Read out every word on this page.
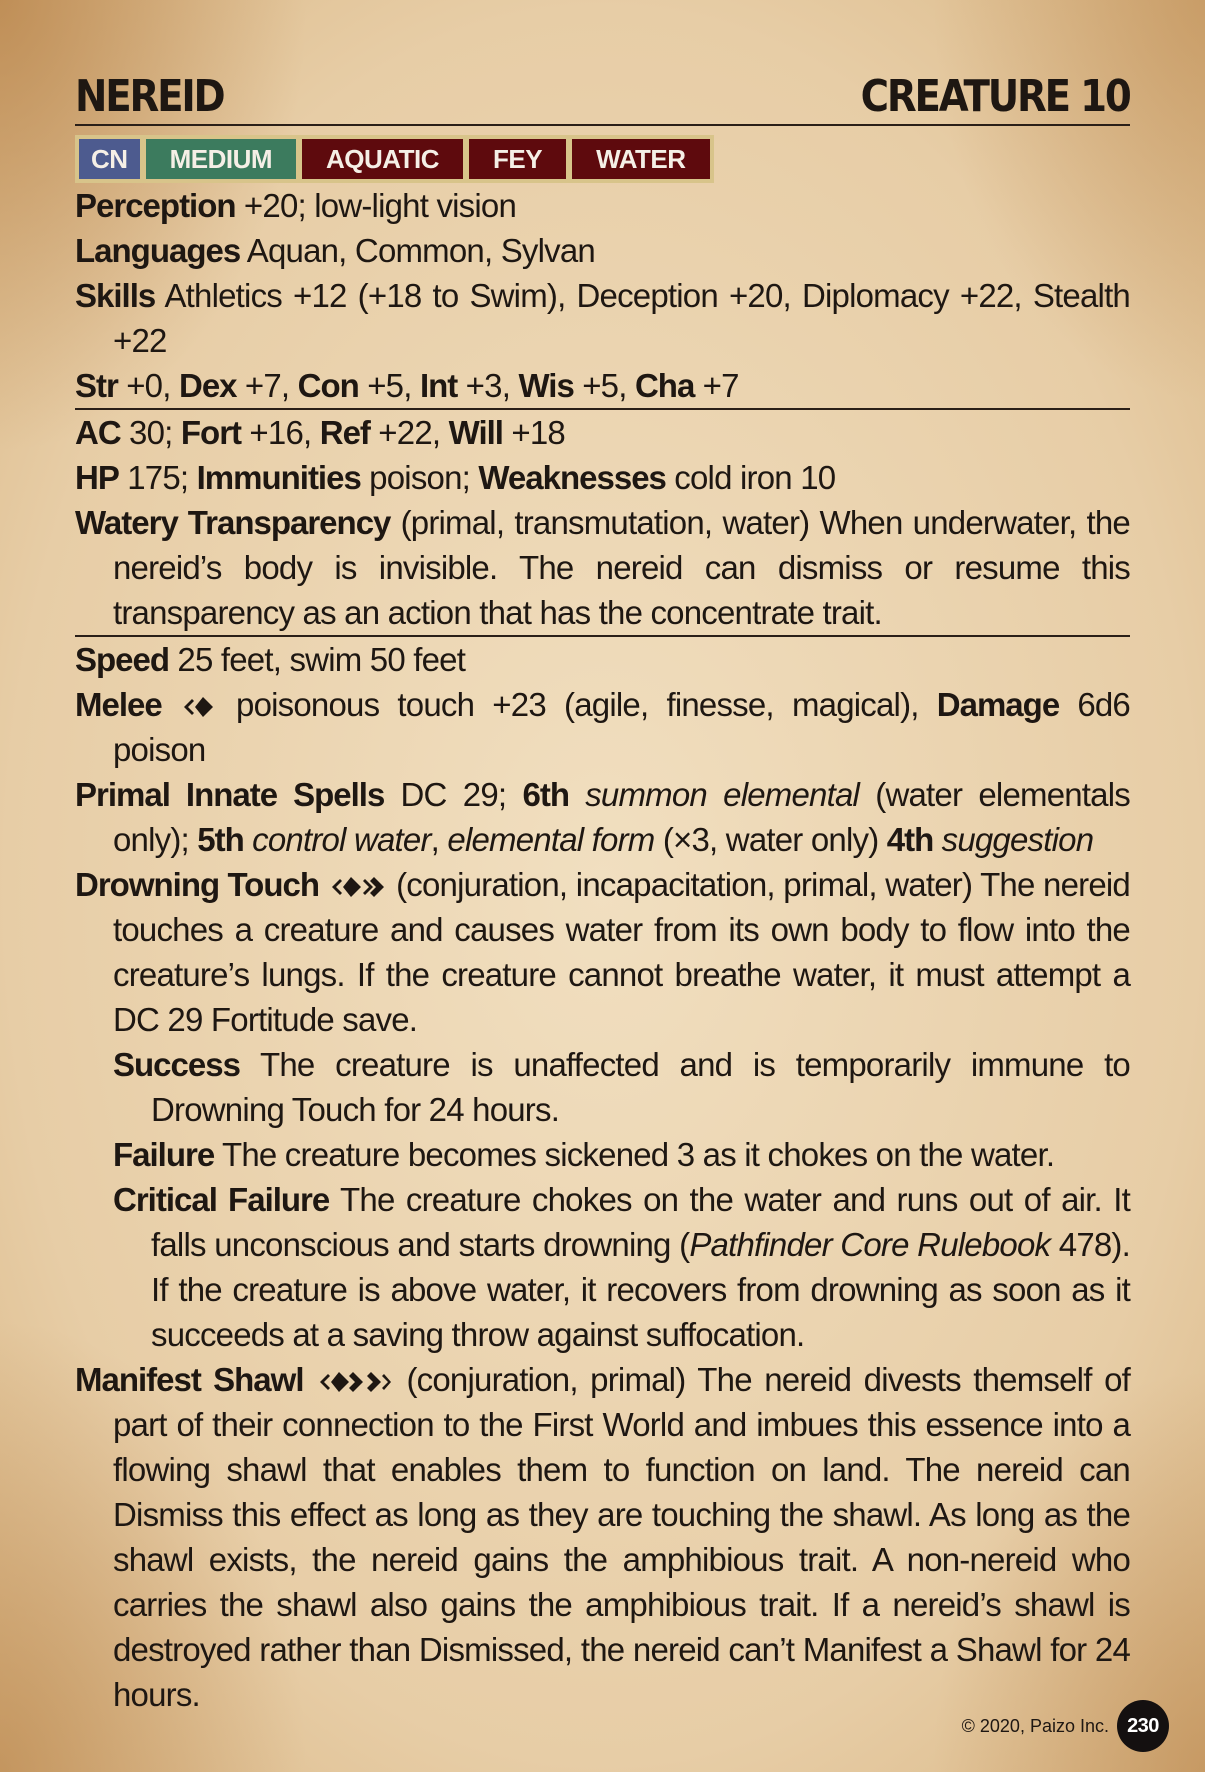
NEREID	CREATURE 10
CN	MEDIUM	AQUATIC	FEY	WATER
Perception +20; low-light vision
Languages Aquan, Common, Sylvan
Skills Athletics +12 (+18 to Swim), Deception +20, Diplomacy +22, Stealth +22
Str +0, Dex +7, Con +5, Int +3, Wis +5, Cha +7
AC 30; Fort +16, Ref +22, Will +18
HP 175; Immunities poison; Weaknesses cold iron 10
Watery Transparency (primal, transmutation, water) When underwater, the nereid’s body is invisible. The nereid can dismiss or resume this transparency as an action that has the concentrate trait.
Speed 25 feet, swim 50 feet
Melee  poisonous touch +23 (agile, finesse, magical), Damage 6d6 poison
Primal Innate Spells DC 29; 6th summon elemental (water elementals only); 5th control water, elemental form (×3, water only) 4th suggestion
Drowning Touch  (conjuration, incapacitation, primal, water) The nereid touches a creature and causes water from its own body to flow into the creature’s lungs. If the creature cannot breathe water, it must attempt a DC 29 Fortitude save.
Success The creature is unaffected and is temporarily immune to Drowning Touch for 24 hours.
Failure The creature becomes sickened 3 as it chokes on the water.
Critical Failure The creature chokes on the water and runs out of air. It falls unconscious and starts drowning (Pathfinder Core Rulebook 478). If the creature is above water, it recovers from drowning as soon as it succeeds at a saving throw against suffocation.
Manifest Shawl	(conjuration, primal) The nereid divests themself of part of their connection to the First World and imbues this essence into a flowing shawl that enables them to function on land. The nereid can Dismiss this effect as long as they are touching the shawl. As long as the shawl exists, the nereid gains the amphibious trait. A non-nereid who carries the shawl also gains the amphibious trait. If a nereid’s shawl is destroyed rather than Dismissed, the nereid can’t Manifest a Shawl for 24 hours.
© 2020, Paizo Inc. 230
